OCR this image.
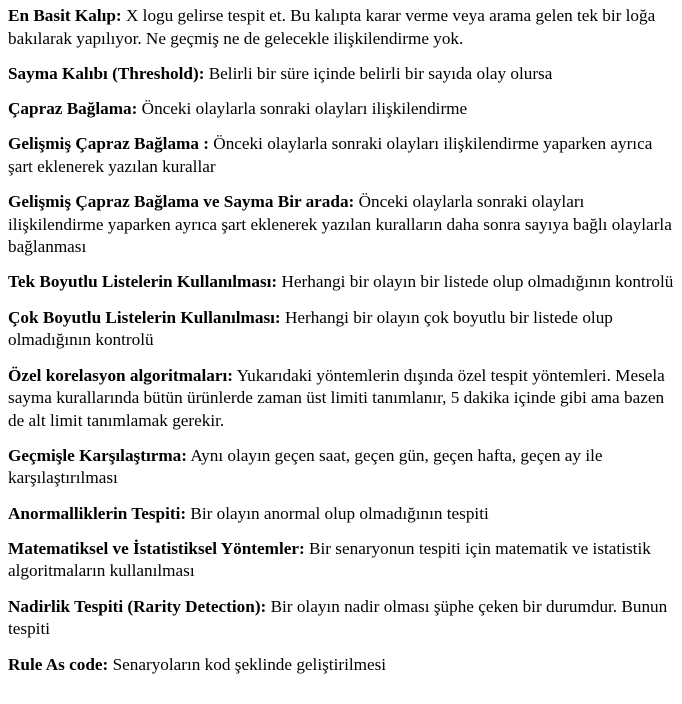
En Basit Kalıp: X logu gelirse tespit et. Bu kalıpta karar verme veya arama gelen tek bir loğa bakılarak yapılıyor. Ne geçmiş ne de gelecekle ilişkilendirme yok.

Sayma Kalıbı (Threshold): Belirli bir süre içinde belirli bir sayıda olay olursa

Çapraz Bağlama: Önceki olaylarla sonraki olayları ilişkilendirme

Gelişmiş Çapraz Bağlama : Önceki olaylarla sonraki olayları ilişkilendirme yaparken ayrıca şart eklenerek yazılan kurallar

Gelişmiş Çapraz Bağlama ve Sayma Bir arada: Önceki olaylarla sonraki olayları ilişkilendirme yaparken ayrıca şart eklenerek yazılan kuralların daha sonra sayıya bağlı olaylarla bağlanması

Tek Boyutlu Listelerin Kullanılması: Herhangi bir olayın bir listede olup olmadığının kontrolü

Çok Boyutlu Listelerin Kullanılması: Herhangi bir olayın çok boyutlu bir listede olup olmadığının kontrolü

Özel korelasyon algoritmaları: Yukarıdaki yöntemlerin dışında özel tespit yöntemleri. Mesela sayma kurallarında bütün ürünlerde zaman üst limiti tanımlanır, 5 dakika içinde gibi ama bazen de alt limit tanımlamak gerekir.

Geçmişle Karşılaştırma: Aynı olayın geçen saat, geçen gün, geçen hafta, geçen ay ile karşılaştırılması

Anormalliklerin Tespiti: Bir olayın anormal olup olmadığının tespiti

Matematiksel ve İstatistiksel Yöntemler: Bir senaryonun tespiti için matematik ve istatistik algoritmaların kullanılması

Nadirlik Tespiti (Rarity Detection): Bir olayın nadir olması şüphe çeken bir durumdur. Bunun tespiti

Rule As code: Senaryoların kod şeklinde geliştirilmesi
